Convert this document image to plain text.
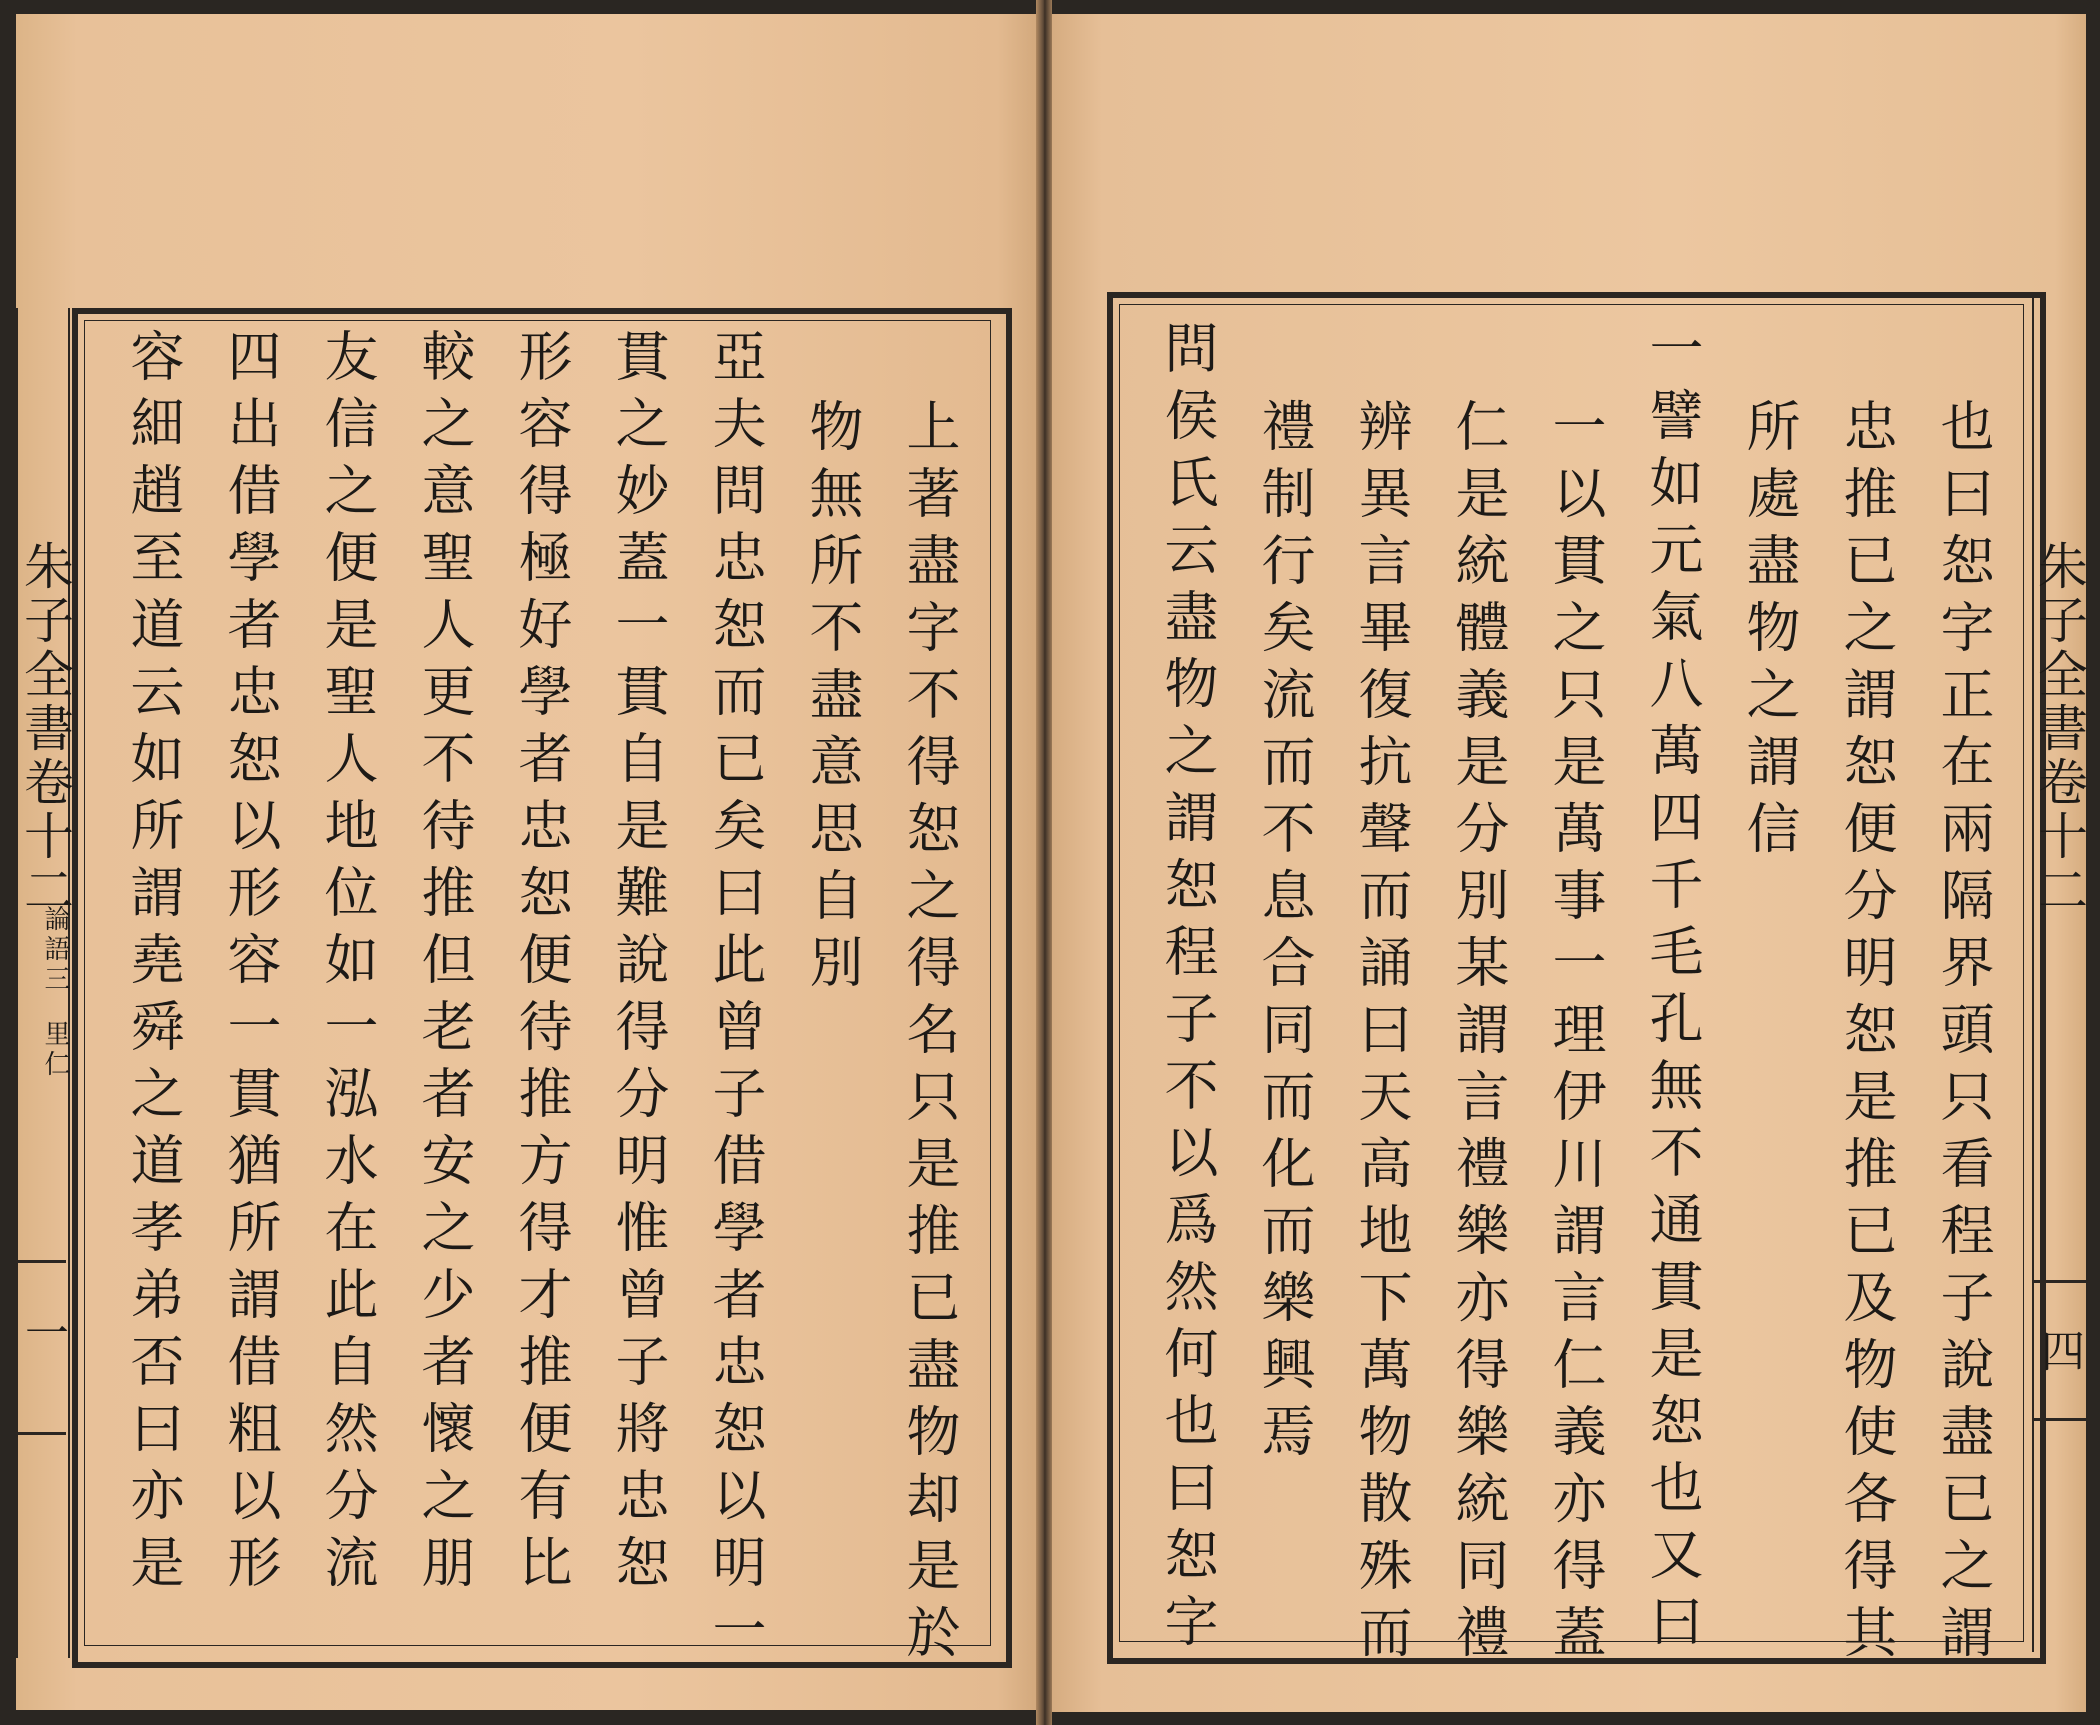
朱子全書卷十二
論語三
里仁
一	上著盡字不得恕之得名只是推已盡物却是於
物無所不盡意思自別
亞夫問忠恕而已矣曰此曾子借學者忠恕以明一
貫之妙蓋一貫自是難說得分明惟曾子將忠恕
形容得極好學者忠恕便待推方得才推便有比
較之意聖人更不待推但老者安之少者懷之朋
友信之便是聖人地位如一泓水在此自然分流
四出借學者忠恕以形容一貫猶所謂借粗以形
容細趙至道云如所謂堯舜之道孝弟否曰亦是	朱子全書卷十二
四
也曰恕字正在兩隔界頭只看程子說盡已之謂
忠推已之謂恕便分明恕是推已及物使各得其
所處盡物之謂信
一譬如元氣八萬四千毛孔無不通貫是恕也又曰
一以貫之只是萬事一理伊川謂言仁義亦得蓋
仁是統體義是分別某謂言禮樂亦得樂統同禮
辨異言畢復抗聲而誦曰天高地下萬物散殊而
禮制行矣流而不息合同而化而樂興焉
問侯氏云盡物之謂恕程子不以爲然何也曰恕字
